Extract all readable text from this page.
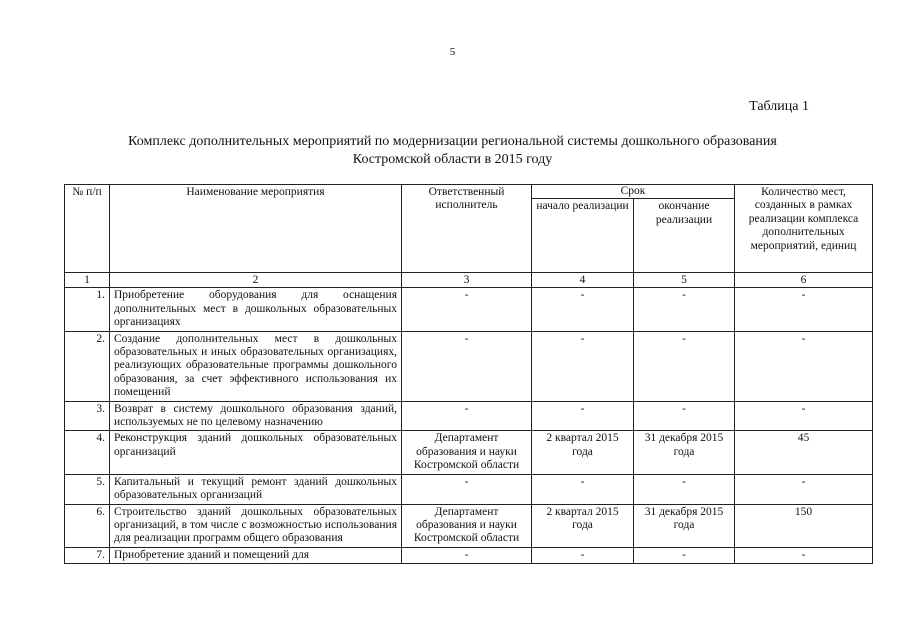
5
Таблица 1
Комплекс дополнительных мероприятий по модернизации региональной системы дошкольного образования
Костромской области в 2015 году
№ п/п	Наименование мероприятия	Ответственный исполнитель	Срок		Количество мест, созданных в рамках реализации комплекса дополнительных мероприятий, единиц
			начало реализации	окончание реализации	
1	2	3	4	5	6
1.	Приобретение оборудования для оснащения дополнительных мест в дошкольных образовательных организациях	-	-	-	-
2.	Создание дополнительных мест в дошкольных образовательных и иных образовательных организациях, реализующих образовательные программы дошкольного образования, за счет эффективного использования их помещений	-	-	-	-
3.	Возврат в систему дошкольного образования зданий, используемых не по целевому назначению	-	-	-	-
4.	Реконструкция зданий дошкольных образовательных организаций	Департамент образования и науки Костромской области	2 квартал 2015 года	31 декабря 2015 года	45
5.	Капитальный и текущий ремонт зданий дошкольных образовательных организаций	-	-	-	-
6.	Строительство зданий дошкольных образовательных организаций, в том числе с возможностью использования для реализации программ общего образования	Департамент образования и науки Костромской области	2 квартал 2015 года	31 декабря 2015 года	150
7.	Приобретение зданий и помещений для	-	-	-	-
